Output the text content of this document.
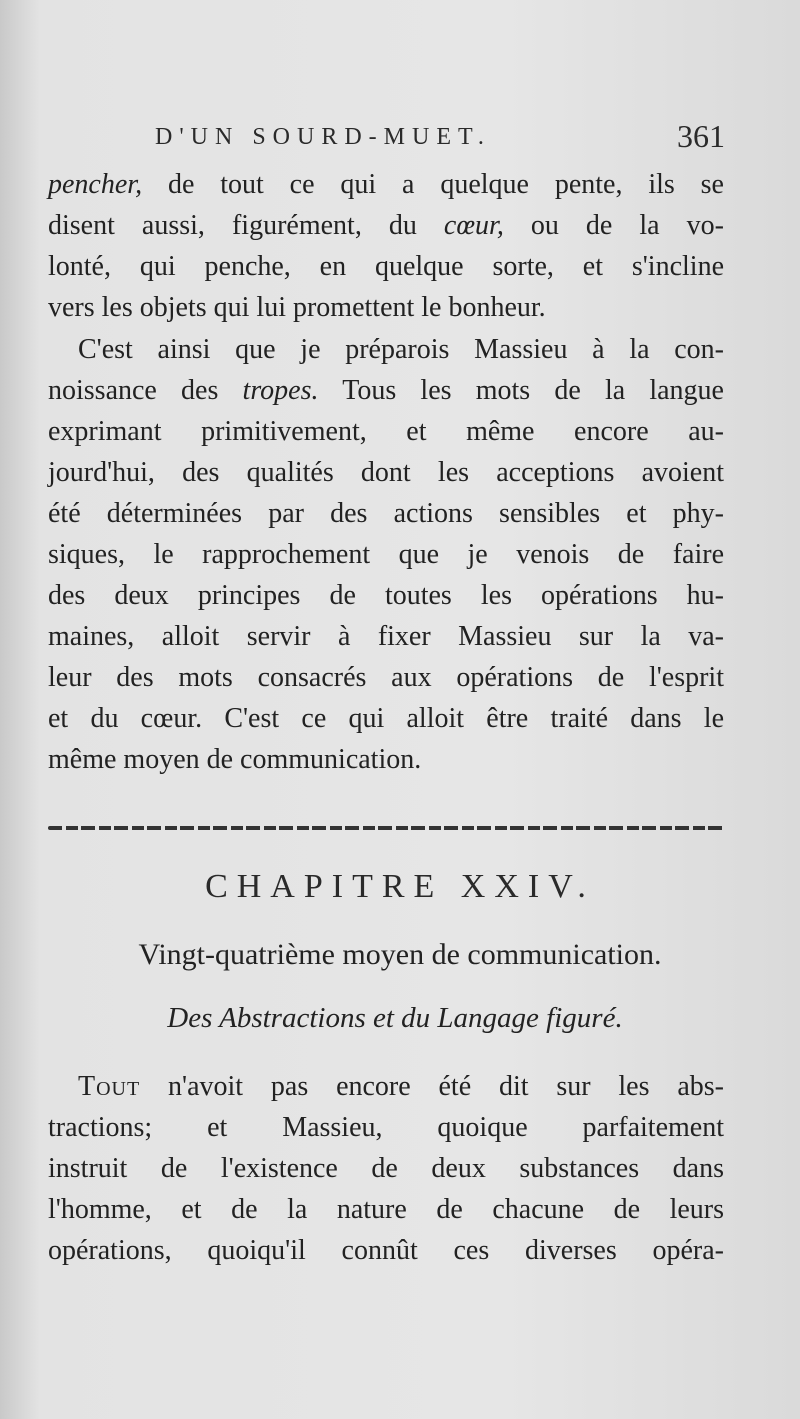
D'UN SOURD-MUET.	361
pencher, de tout ce qui a quelque pente, ils se
disent aussi, figurément, du cœur, ou de la vo-
lonté, qui penche, en quelque sorte, et s'incline
vers les objets qui lui promettent le bonheur.
C'est ainsi que je préparois Massieu à la con-
noissance des tropes. Tous les mots de la langue
exprimant primitivement, et même encore au-
jourd'hui, des qualités dont les acceptions avoient
été déterminées par des actions sensibles et phy-
siques, le rapprochement que je venois de faire
des deux principes de toutes les opérations hu-
maines, alloit servir à fixer Massieu sur la va-
leur des mots consacrés aux opérations de l'esprit
et du cœur. C'est ce qui alloit être traité dans le
même moyen de communication.
CHAPITRE XXIV.
Vingt-quatrième moyen de communication.
Des Abstractions et du Langage figuré.
Tout n'avoit pas encore été dit sur les abs-
tractions; et Massieu, quoique parfaitement
instruit de l'existence de deux substances dans
l'homme, et de la nature de chacune de leurs
opérations, quoiqu'il connût ces diverses opéra-
